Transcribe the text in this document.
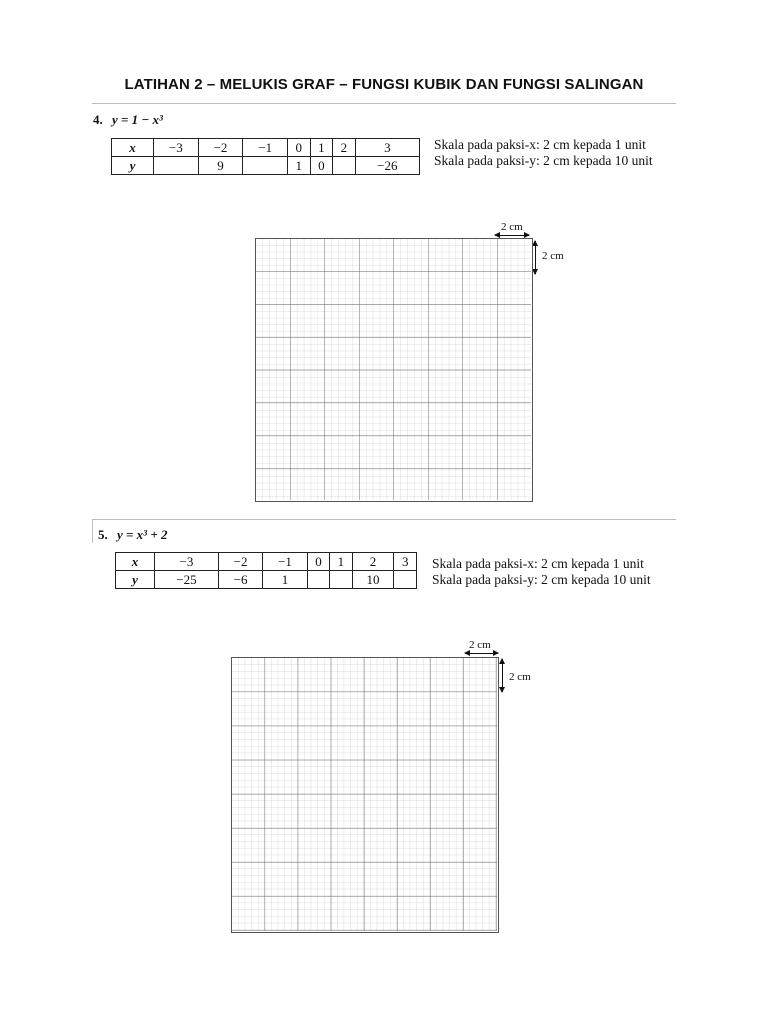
LATIHAN 2 – MELUKIS GRAF – FUNGSI KUBIK DAN FUNGSI SALINGAN
4. y = 1 − x³
x	−3	−2	−1	0	1	2	3
y		9		1	0		−26
Skala pada paksi-x: 2 cm kepada 1 unit
Skala pada paksi-y: 2 cm kepada 10 unit
2 cm
2 cm
5. y = x³ + 2
x	−3	−2	−1	0	1	2	3
y	−25	−6	1			10	
Skala pada paksi-x: 2 cm kepada 1 unit
Skala pada paksi-y: 2 cm kepada 10 unit
2 cm
2 cm
